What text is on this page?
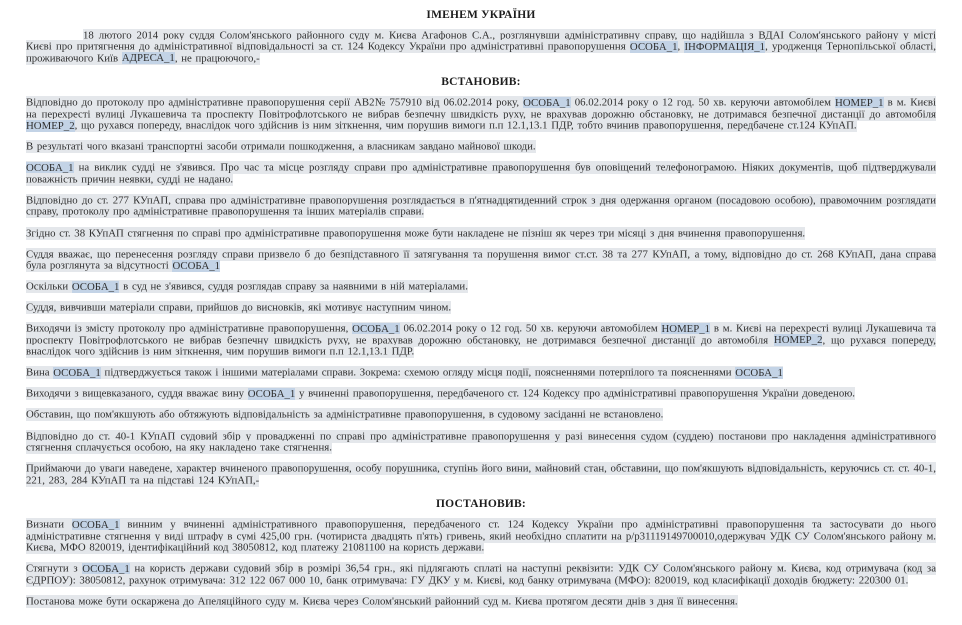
ІМЕНЕМ УКРАЇНИ

18 лютого 2014 року суддя Солом'янського районного суду м. Києва Агафонов С.А., розглянувши адміністративну справу, що надійшла з ВДАІ Солом'янського району у місті Києві про притягнення до адміністративної відповідальності за ст. 124 Кодексу України про адміністративні правопорушення ОСОБА_1, ІНФОРМАЦІЯ_1, уродженця Тернопільської області, проживаючого Київ АДРЕСА_1, не працюючого,-

ВСТАНОВИВ:

Відповідно до протоколу про адміністративне правопорушення серії АВ2№ 757910 від 06.02.2014 року, ОСОБА_1 06.02.2014 року о 12 год. 50 хв. керуючи автомобілем НОМЕР_1 в м. Києві на перехресті вулиці Лукашевича та проспекту Повітрофлотського не вибрав безпечну швидкість руху, не врахував дорожню обстановку, не дотримався безпечної дистанції до автомобіля НОМЕР_2, що рухався попереду, внаслідок чого здійснив із ним зіткнення, чим порушив вимоги п.п 12.1,13.1 ПДР, тобто вчинив правопорушення, передбачене ст.124 КУпАП.

В результаті чого вказані транспортні засоби отримали пошкодження, а власникам завдано майнової шкоди.

ОСОБА_1 на виклик судді не з'явився. Про час та місце розгляду справи про адміністративне правопорушення був оповіщений телефонограмою. Ніяких документів, щоб підтверджували поважність причин неявки, судді не надано.

Відповідно до ст. 277 КУпАП, справа про адміністративне правопорушення розглядається в п'ятнадцятиденний строк з дня одержання органом (посадовою особою), правомочним розглядати справу, протоколу про адміністративне правопорушення та інших матеріалів справи.

Згідно ст. 38 КУпАП стягнення по справі про адміністративне правопорушення може бути накладене не пізніш як через три місяці з дня вчинення правопорушення.

Суддя вважає, що перенесення розгляду справи призвело б до безпідставного її затягування та порушення вимог ст.ст. 38 та 277 КУпАП, а тому, відповідно до ст. 268 КУпАП, дана справа була розглянута за відсутності ОСОБА_1

Оскільки ОСОБА_1 в суд не з'явився, суддя розглядав справу за наявними в ній матеріалами.

Суддя, вивчивши матеріали справи, прийшов до висновків, які мотивує наступним чином.

Виходячи із змісту протоколу про адміністративне правопорушення, ОСОБА_1 06.02.2014 року о 12 год. 50 хв. керуючи автомобілем НОМЕР_1 в м. Києві на перехресті вулиці Лукашевича та проспекту Повітрофлотського не вибрав безпечну швидкість руху, не врахував дорожню обстановку, не дотримався безпечної дистанції до автомобіля НОМЕР_2, що рухався попереду, внаслідок чого здійснив із ним зіткнення, чим порушив вимоги п.п 12.1,13.1 ПДР.

Вина ОСОБА_1 підтверджується також і іншими матеріалами справи. Зокрема: схемою огляду місця події, поясненнями потерпілого та поясненнями ОСОБА_1

Виходячи з вищевказаного, суддя вважає вину ОСОБА_1 у вчиненні правопорушення, передбаченого ст. 124 Кодексу про адміністративні правопорушення України доведеною.

Обставин, що пом'якшують або обтяжують відповідальність за адміністративне правопорушення, в судовому засіданні не встановлено.

Відповідно до ст. 40-1 КУпАП судовий збір у провадженні по справі про адміністративне правопорушення у разі винесення судом (суддею) постанови про накладення адміністративного стягнення сплачується особою, на яку накладено таке стягнення.

Приймаючи до уваги наведене, характер вчиненого правопорушення, особу порушника, ступінь його вини, майновий стан, обставини, що пом'якшують відповідальність, керуючись ст. ст. 40-1, 221, 283, 284 КУпАП та на підставі 124 КУпАП,-

ПОСТАНОВИВ:

Визнати ОСОБА_1 винним у вчиненні адміністративного правопорушення, передбаченого ст. 124 Кодексу України про адміністративні правопорушення та застосувати до нього адміністративне стягнення у виді штрафу в сумі 425,00 грн. (чотириста двадцять п'ять) гривень, який необхідно сплатити на р/р31119149700010,одержувач УДК СУ Солом'янського району м. Києва, МФО 820019, ідентифікаційний код 38050812, код платежу 21081100 на користь держави.

Стягнути з ОСОБА_1 на користь держави судовий збір в розмірі 36,54 грн., які підлягають сплаті на наступні реквізити: УДК СУ Солом'янського району м. Києва, код отримувача (код за ЄДРПОУ): 38050812, рахунок отримувача: 312 122 067 000 10, банк отримувача: ГУ ДКУ у м. Києві, код банку отримувача (МФО): 820019, код класифікації доходів бюджету: 220300 01.

Постанова може бути оскаржена до Апеляційного суду м. Києва через Солом'янський районний суд м. Києва протягом десяти днів з дня її винесення.
